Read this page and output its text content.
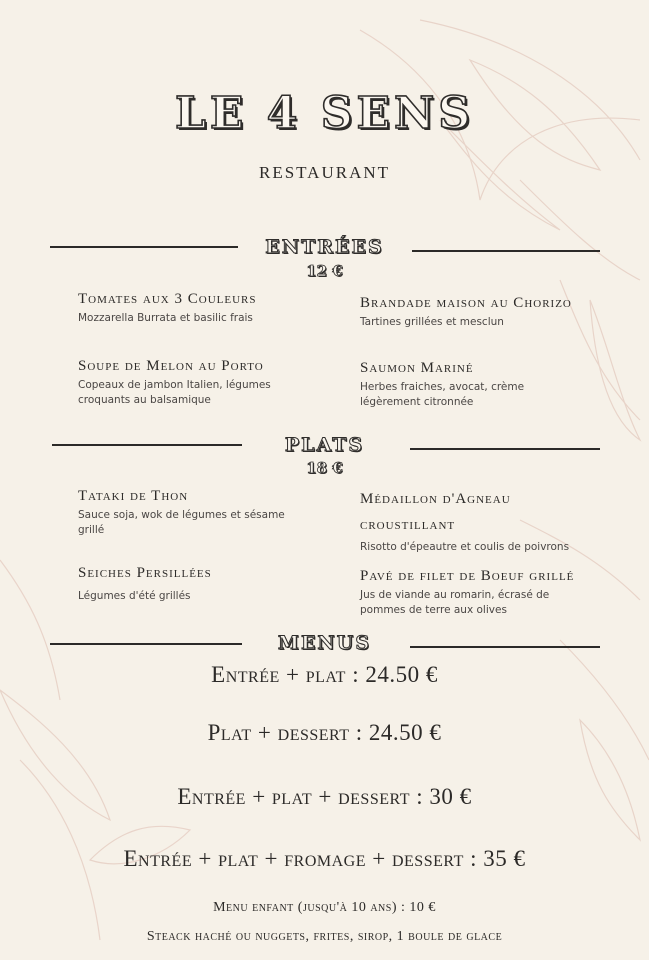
LE 4 SENS
RESTAURANT
ENTRÉES
12 €
Tomates aux 3 Couleurs
Mozzarella Burrata et basilic frais
Brandade maison au Chorizo
Tartines grillées et mesclun
Soupe de Melon au Porto
Copeaux de jambon Italien, légumes croquants au balsamique
Saumon Mariné
Herbes fraiches, avocat, crème légèrement citronnée
PLATS
18 €
Tataki de Thon
Sauce soja, wok de légumes et sésame grillé
Médaillon d'Agneau croustillant
Risotto d'épeautre et coulis de poivrons
Seiches Persillées
Légumes d'été grillés
Pavé de filet de Boeuf grillé
Jus de viande au romarin, écrasé de pommes de terre aux olives
MENUS
Entrée + plat : 24.50 €
Plat + dessert : 24.50 €
Entrée + plat + dessert : 30 €
Entrée + plat + fromage + dessert : 35 €
Menu enfant (jusqu'à 10 ans) : 10 €
Steack haché ou nuggets, frites, sirop, 1 boule de glace
